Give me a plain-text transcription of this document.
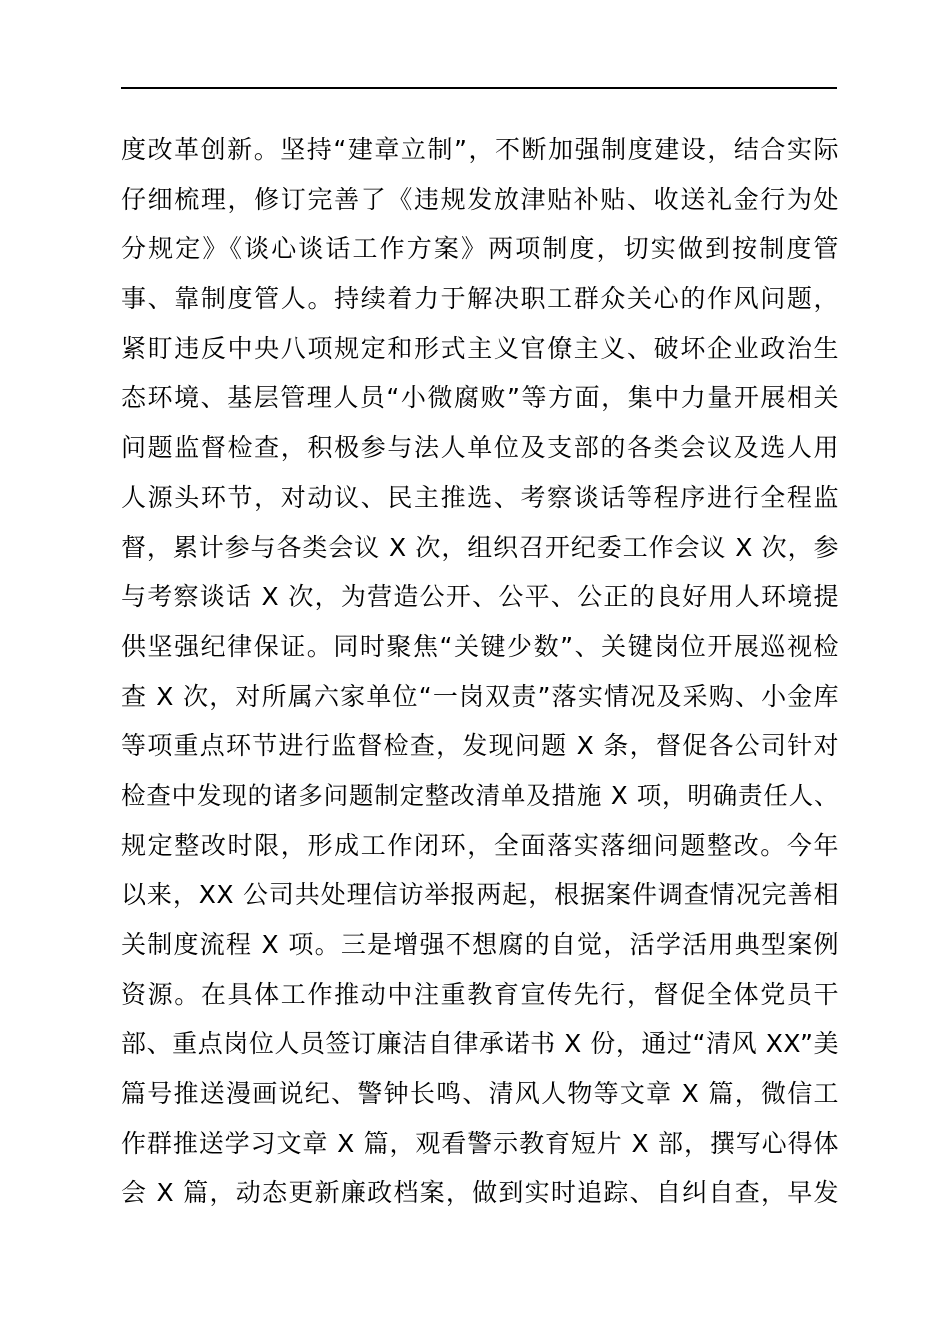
度改革创新。坚持“建章立制”，不断加强制度建设，结合实际
仔细梳理，修订完善了《违规发放津贴补贴、收送礼金行为处
分规定》《谈心谈话工作方案》两项制度，切实做到按制度管
事、靠制度管人。持续着力于解决职工群众关心的作风问题，
紧盯违反中央八项规定和形式主义官僚主义、破坏企业政治生
态环境、基层管理人员“小微腐败”等方面，集中力量开展相关
问题监督检查，积极参与法人单位及支部的各类会议及选人用
人源头环节，对动议、民主推选、考察谈话等程序进行全程监
督，累计参与各类会议 X 次，组织召开纪委工作会议 X 次，参
与考察谈话 X 次，为营造公开、公平、公正的良好用人环境提
供坚强纪律保证。同时聚焦“关键少数”、关键岗位开展巡视检
查 X 次，对所属六家单位“一岗双责”落实情况及采购、小金库
等项重点环节进行监督检查，发现问题 X 条，督促各公司针对
检查中发现的诸多问题制定整改清单及措施 X 项，明确责任人、
规定整改时限，形成工作闭环，全面落实落细问题整改。今年
以来，XX 公司共处理信访举报两起，根据案件调查情况完善相
关制度流程 X 项。三是增强不想腐的自觉，活学活用典型案例
资源。在具体工作推动中注重教育宣传先行，督促全体党员干
部、重点岗位人员签订廉洁自律承诺书 X 份，通过“清风 XX”美
篇号推送漫画说纪、警钟长鸣、清风人物等文章 X 篇，微信工
作群推送学习文章 X 篇，观看警示教育短片 X 部，撰写心得体
会 X 篇，动态更新廉政档案，做到实时追踪、自纠自查，早发
